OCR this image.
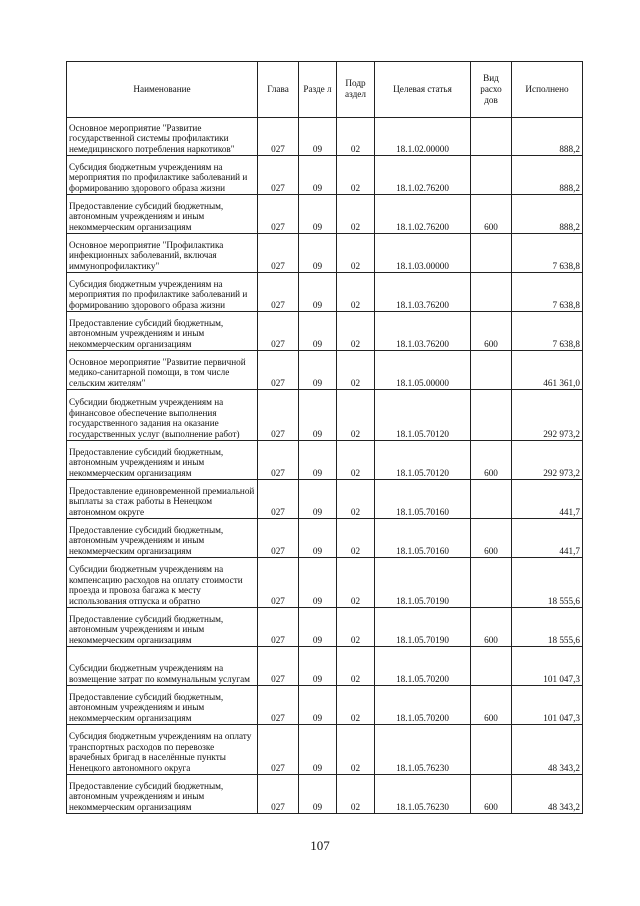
Наименование	Глава	Разде л	Подр аздел	Целевая статья	Вид расхо дов	Исполнено
Основное мероприятие "Развитие государственной системы профилактики немедицинского потребления наркотиков"	027	09	02	18.1.02.00000		888,2
Субсидия бюджетным учреждениям на мероприятия по профилактике заболеваний и формированию здорового образа жизни	027	09	02	18.1.02.76200		888,2
Предоставление субсидий бюджетным, автономным учреждениям и иным некоммерческим организациям	027	09	02	18.1.02.76200	600	888,2
Основное мероприятие "Профилактика инфекционных заболеваний, включая иммунопрофилактику"	027	09	02	18.1.03.00000		7 638,8
Субсидия бюджетным учреждениям на мероприятия по профилактике заболеваний и формированию здорового образа жизни	027	09	02	18.1.03.76200		7 638,8
Предоставление субсидий бюджетным, автономным учреждениям и иным некоммерческим организациям	027	09	02	18.1.03.76200	600	7 638,8
Основное мероприятие "Развитие первичной медико-санитарной помощи, в том числе сельским жителям"	027	09	02	18.1.05.00000		461 361,0
Субсидии бюджетным учреждениям на финансовое обеспечение выполнения государственного задания на оказание государственных услуг (выполнение работ)	027	09	02	18.1.05.70120		292 973,2
Предоставление субсидий бюджетным, автономным учреждениям и иным некоммерческим организациям	027	09	02	18.1.05.70120	600	292 973,2
Предоставление единовременной премиальной выплаты за стаж работы в Ненецком автономном округе	027	09	02	18.1.05.70160		441,7
Предоставление субсидий бюджетным, автономным учреждениям и иным некоммерческим организациям	027	09	02	18.1.05.70160	600	441,7
Субсидии бюджетным учреждениям на компенсацию расходов на оплату стоимости проезда и провоза багажа к месту использования отпуска и обратно	027	09	02	18.1.05.70190		18 555,6
Предоставление субсидий бюджетным, автономным учреждениям и иным некоммерческим организациям	027	09	02	18.1.05.70190	600	18 555,6
Субсидии бюджетным учреждениям на возмещение затрат по коммунальным услугам	027	09	02	18.1.05.70200		101 047,3
Предоставление субсидий бюджетным, автономным учреждениям и иным некоммерческим организациям	027	09	02	18.1.05.70200	600	101 047,3
Субсидия бюджетным учреждениям на оплату транспортных расходов по перевозке врачебных бригад в населённые пункты Ненецкого автономного округа	027	09	02	18.1.05.76230		48 343,2
Предоставление субсидий бюджетным, автономным учреждениям и иным некоммерческим организациям	027	09	02	18.1.05.76230	600	48 343,2
107
